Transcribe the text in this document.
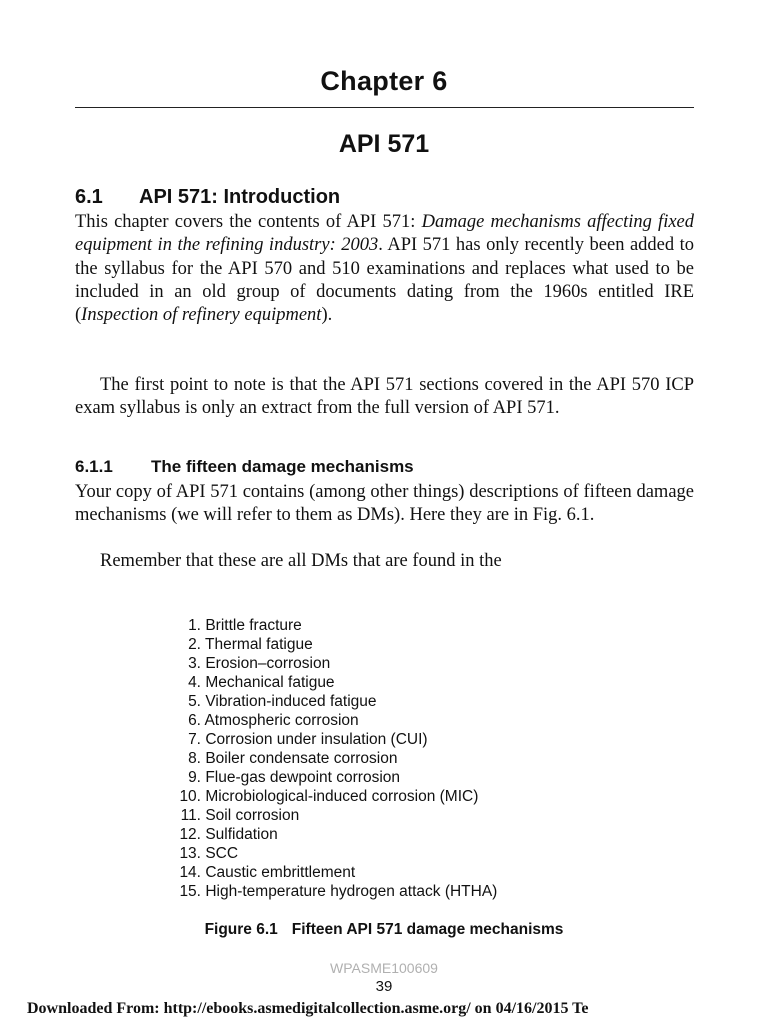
Chapter 6
API 571
6.1 API 571: Introduction

This chapter covers the contents of API 571: Damage mechanisms affecting fixed equipment in the refining industry: 2003. API 571 has only recently been added to the syllabus for the API 570 and 510 examinations and replaces what used to be included in an old group of documents dating from the 1960s entitled IRE (Inspection of refinery equipment).

The first point to note is that the API 571 sections covered in the API 570 ICP exam syllabus is only an extract from the full version of API 571.

6.1.1 The fifteen damage mechanisms

Your copy of API 571 contains (among other things) descriptions of fifteen damage mechanisms (we will refer to them as DMs). Here they are in Fig. 6.1.

Remember that these are all DMs that are found in the

1. Brittle fracture
2. Thermal fatigue
3. Erosion–corrosion
4. Mechanical fatigue
5. Vibration-induced fatigue
6. Atmospheric corrosion
7. Corrosion under insulation (CUI)
8. Boiler condensate corrosion
9. Flue-gas dewpoint corrosion
10. Microbiological-induced corrosion (MIC)
11. Soil corrosion
12. Sulfidation
13. SCC
14. Caustic embrittlement
15. High-temperature hydrogen attack (HTHA)
Figure 6.1 Fifteen API 571 damage mechanisms
WPASME100609
39
Downloaded From: http://ebooks.asmedigitalcollection.asme.org/ on 04/16/2015 Te
